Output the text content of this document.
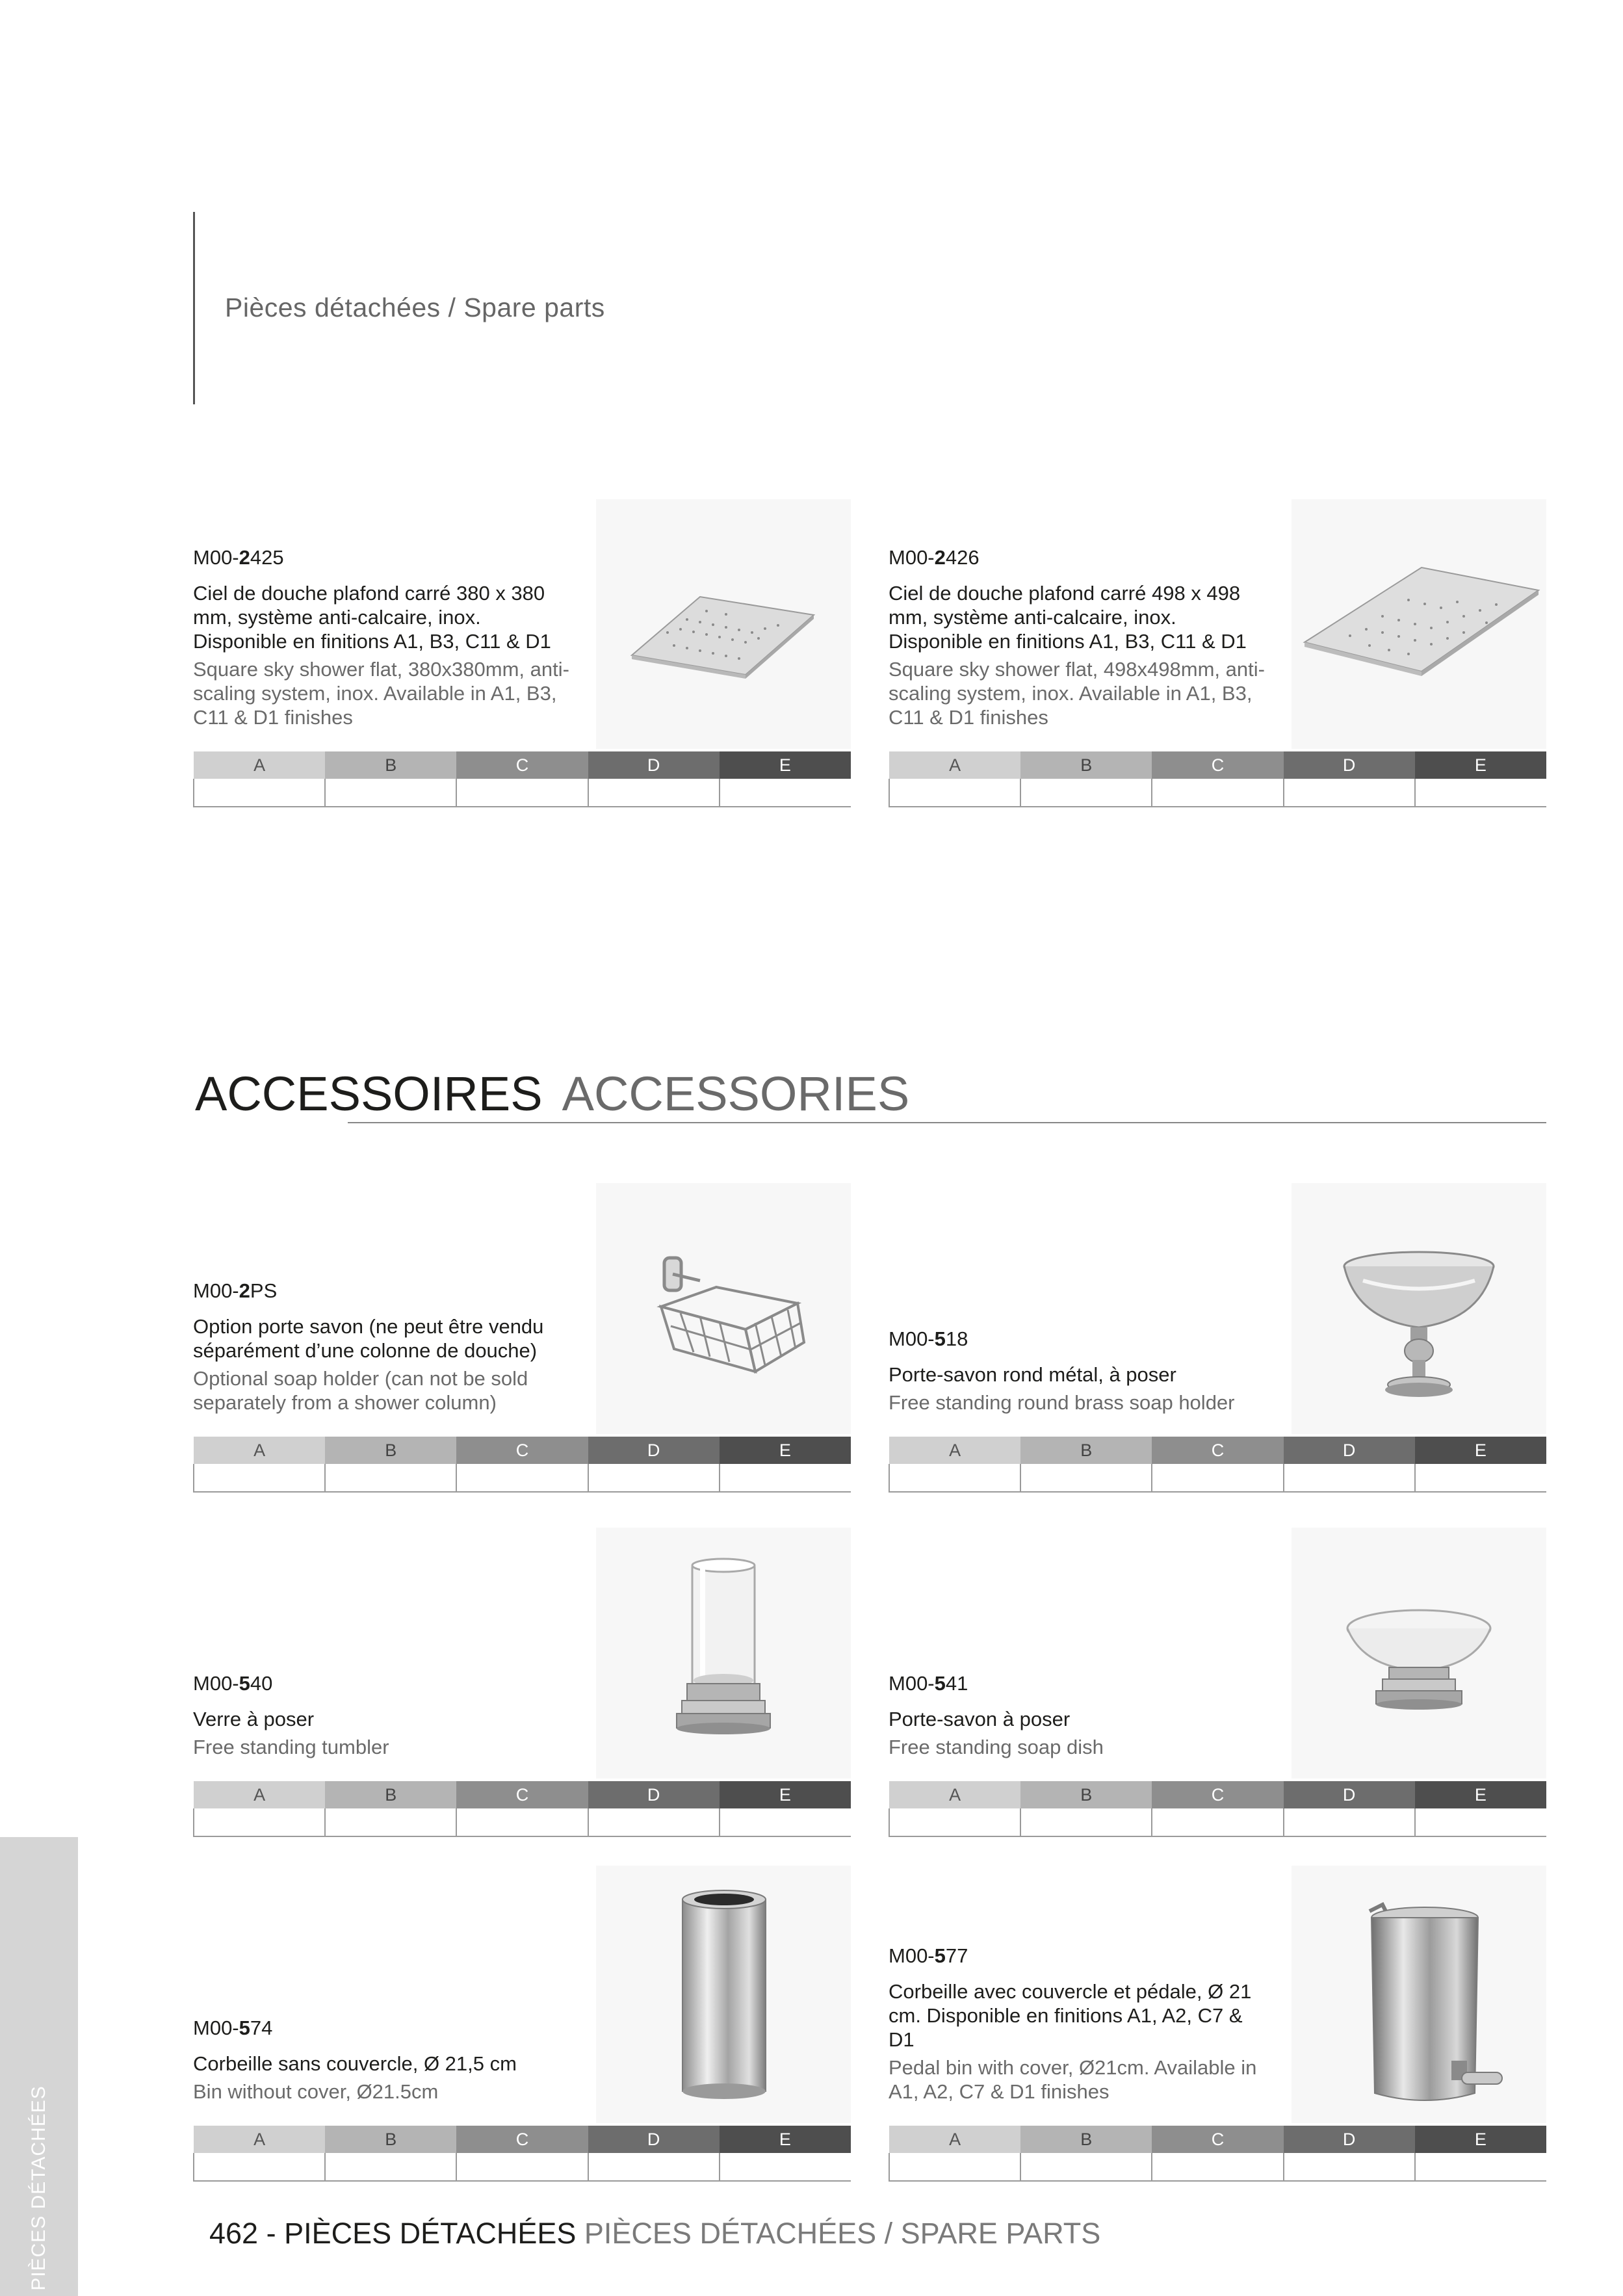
Pièces détachées / Spare parts
M00-2425
Ciel de douche plafond carré 380 x 380 mm, système anti-calcaire, inox. Disponible en finitions A1, B3, C11 & D1
Square sky shower flat, 380x380mm, anti-scaling system, inox. Available in A1, B3, C11 & D1 finishes
A	B	C	D	E

M00-2426
Ciel de douche plafond carré 498 x 498 mm, système anti-calcaire, inox. Disponible en finitions A1, B3, C11 & D1
Square sky shower flat, 498x498mm, anti-scaling system, inox. Available in A1, B3, C11 & D1 finishes
A	B	C	D	E

ACCESSOIRES ACCESSORIES
M00-2PS
Option porte savon (ne peut être vendu séparément d’une colonne de douche)
Optional soap holder (can not be sold separately from a shower column)
A	B	C	D	E

M00-518
Porte-savon rond métal, à poser
Free standing round brass soap holder
A	B	C	D	E

M00-540
Verre à poser
Free standing tumbler
A	B	C	D	E

M00-541
Porte-savon à poser
Free standing soap dish
A	B	C	D	E

M00-574
Corbeille sans couvercle, Ø 21,5 cm
Bin without cover, Ø21.5cm
A	B	C	D	E

M00-577
Corbeille avec couvercle et pédale, Ø 21 cm. Disponible en finitions A1, A2, C7 & D1
Pedal bin with cover, Ø21cm. Available in A1, A2, C7 & D1 finishes
A	B	C	D	E

PIÈCES DÉTACHÉES	462 - PIÈCES DÉTACHÉES PIÈCES DÉTACHÉES / SPARE PARTS
